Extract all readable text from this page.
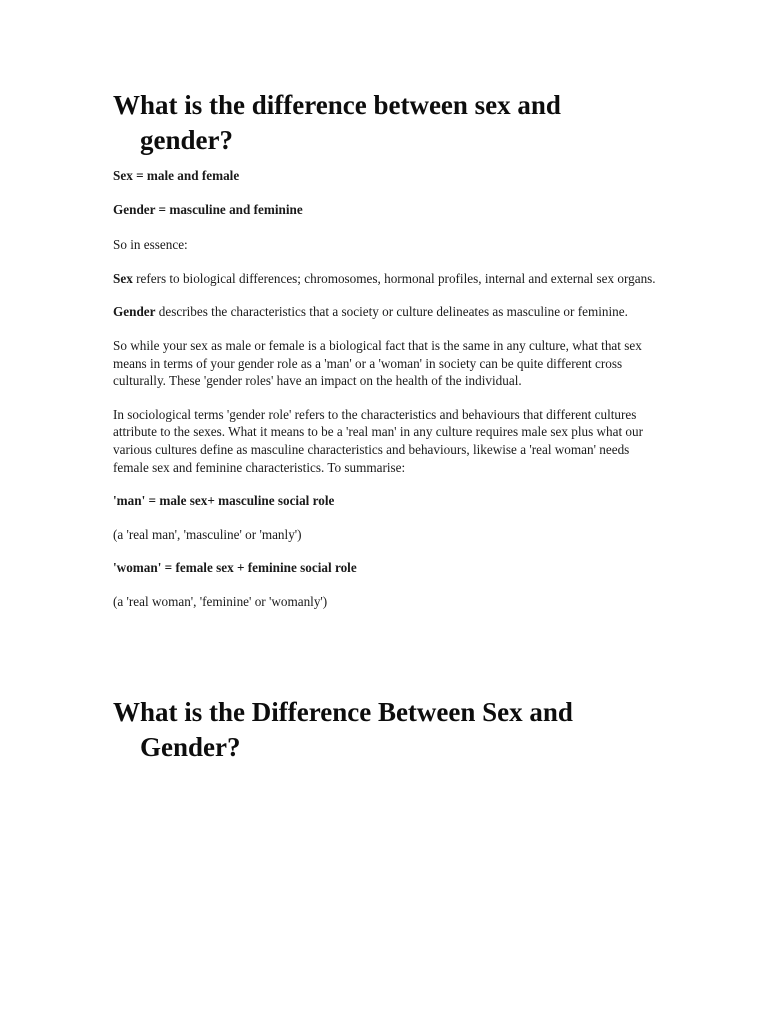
What is the difference between sex and gender?

Sex = male and female

Gender = masculine and feminine

So in essence:

Sex refers to biological differences; chromosomes, hormonal profiles, internal and external sex organs.

Gender describes the characteristics that a society or culture delineates as masculine or feminine.

So while your sex as male or female is a biological fact that is the same in any culture, what that sex means in terms of your gender role as a 'man' or a 'woman' in society can be quite different cross culturally. These 'gender roles' have an impact on the health of the individual.

In sociological terms 'gender role' refers to the characteristics and behaviours that different cultures attribute to the sexes. What it means to be a 'real man' in any culture requires male sex plus what our various cultures define as masculine characteristics and behaviours, likewise a 'real woman' needs female sex and feminine characteristics. To summarise:

'man' = male sex+ masculine social role

(a 'real man', 'masculine' or 'manly')

'woman' = female sex + feminine social role

(a 'real woman', 'feminine' or 'womanly')

What is the Difference Between Sex and Gender?
